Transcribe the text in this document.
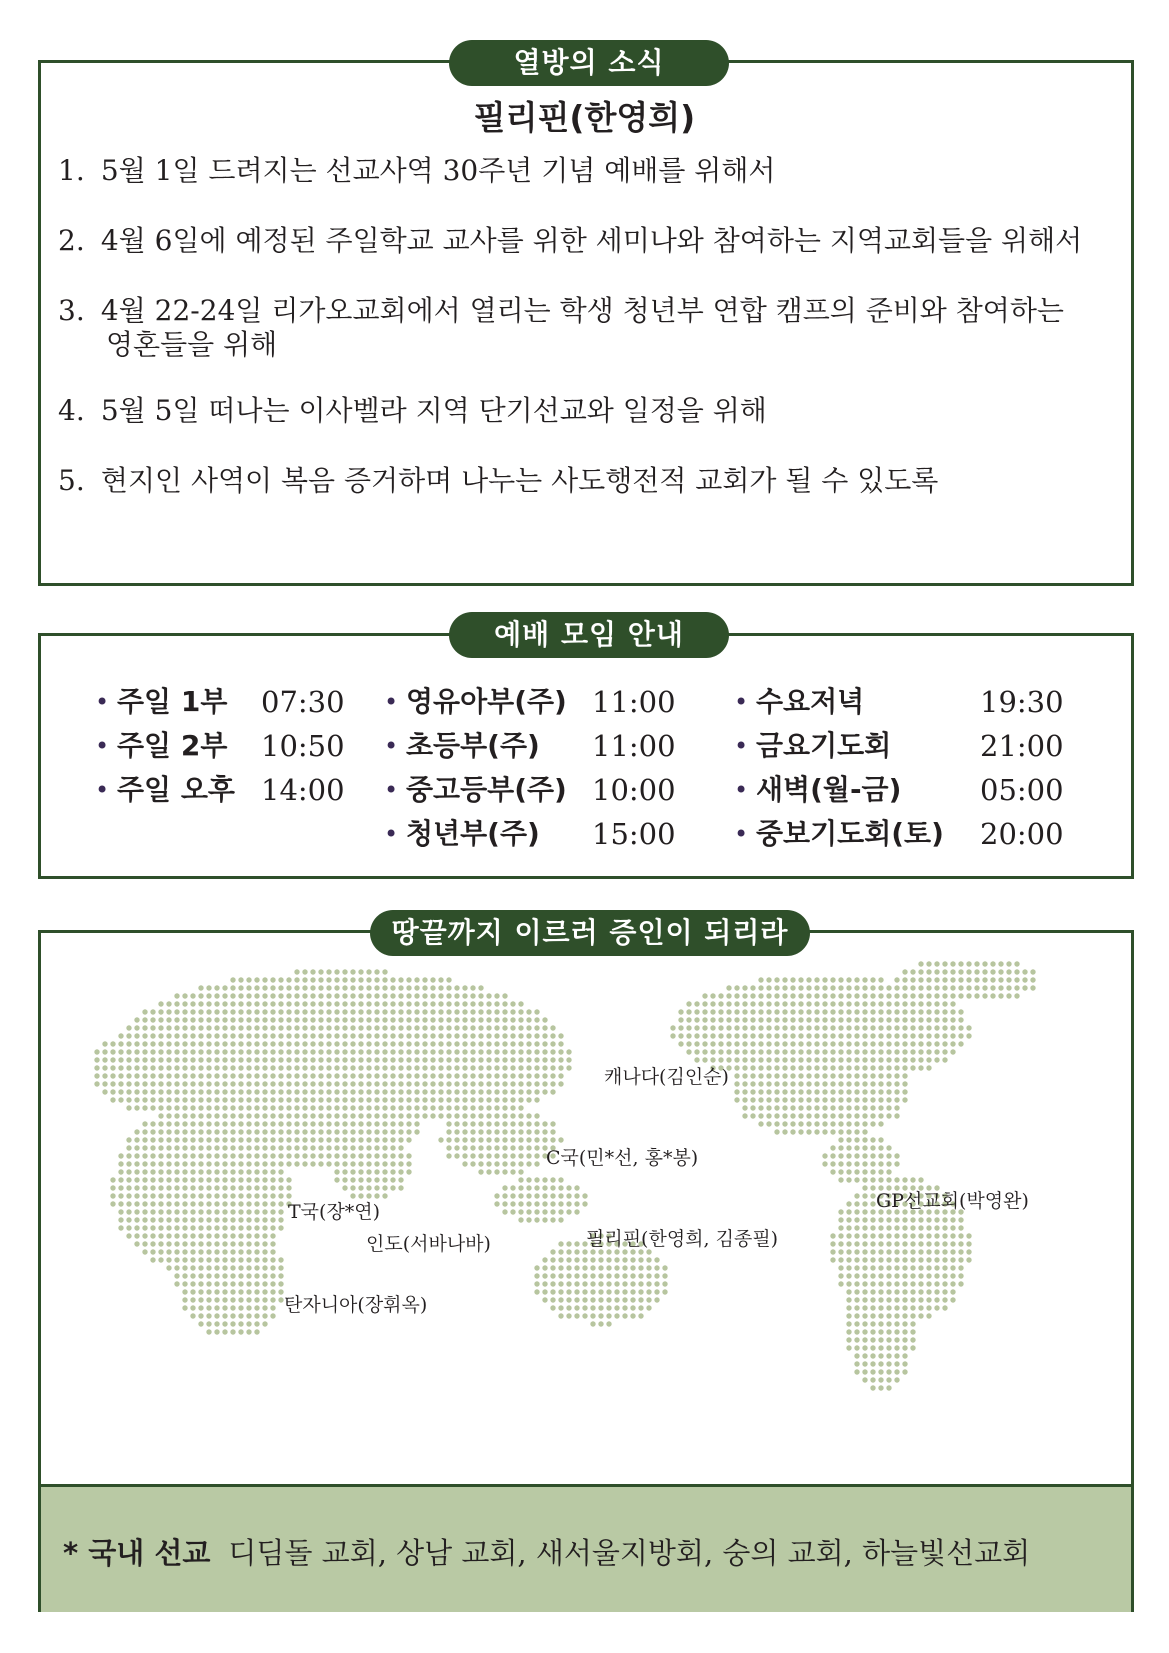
열방의 소식
필리핀(한영희)
1. 5월 1일 드려지는 선교사역 30주년 기념 예배를 위해서
2. 4월 6일에 예정된 주일학교 교사를 위한 세미나와 참여하는 지역교회들을 위해서
3. 4월 22-24일 리가오교회에서 열리는 학생 청년부 연합 캠프의 준비와 참여하는
영혼들을 위해
4. 5월 5일 떠나는 이사벨라 지역 단기선교와 일정을 위해
5. 현지인 사역이 복음 증거하며 나누는 사도행전적 교회가 될 수 있도록
예배 모임 안내
• 주일 1부 07:30
• 주일 2부 10:50
• 주일 오후 14:00
• 영유아부(주) 11:00
• 초등부(주) 11:00
• 중고등부(주) 10:00
• 청년부(주) 15:00
• 수요저녁	19:30
• 금요기도회	21:00
• 새벽(월-금)	05:00
• 중보기도회(토) 20:00
땅끝까지 이르러 증인이 되리라
캐나다(김인순)
C국(민*선, 홍*봉)
GP선교회(박영완)
T국(장*연)
인도(서바나바)	필리핀(한영희, 김종필)
탄자니아(장휘옥)
* 국내 선교 디딤돌 교회, 상남 교회, 새서울지방회, 숭의 교회, 하늘빛선교회
